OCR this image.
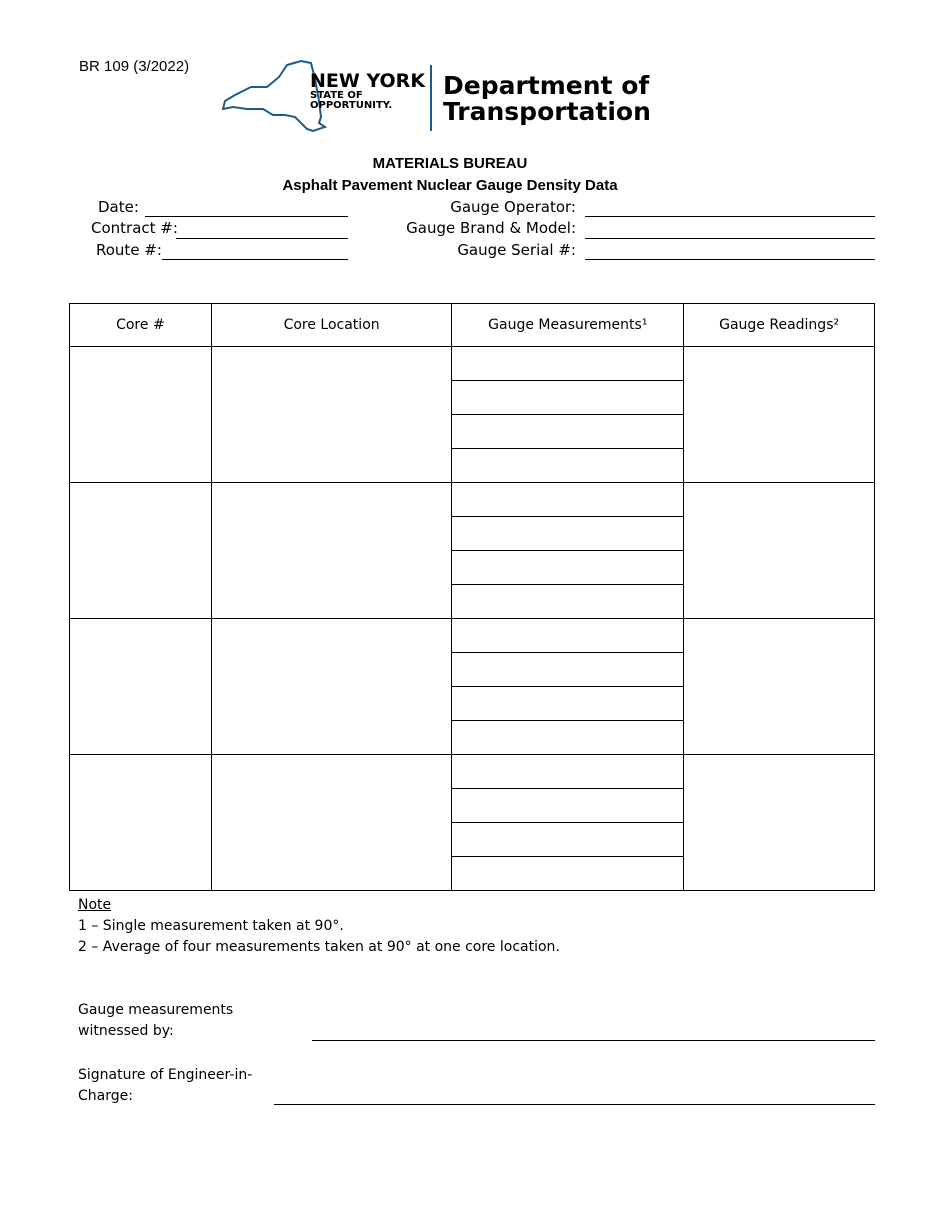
BR 109 (3/2022)
NEW YORK
STATE OF
OPPORTUNITY.
Department of
Transportation
MATERIALS BUREAU
Asphalt Pavement Nuclear Gauge Density Data
Date:
Contract #:
Route #:
Gauge Operator:
Gauge Brand & Model:
Gauge Serial #:
Core #	Core Location	Gauge Measurements¹	Gauge Readings²

Note
1 – Single measurement taken at 90°.
2 – Average of four measurements taken at 90° at one core location.
Gauge measurements
witnessed by:
Signature of Engineer-in-
Charge:
